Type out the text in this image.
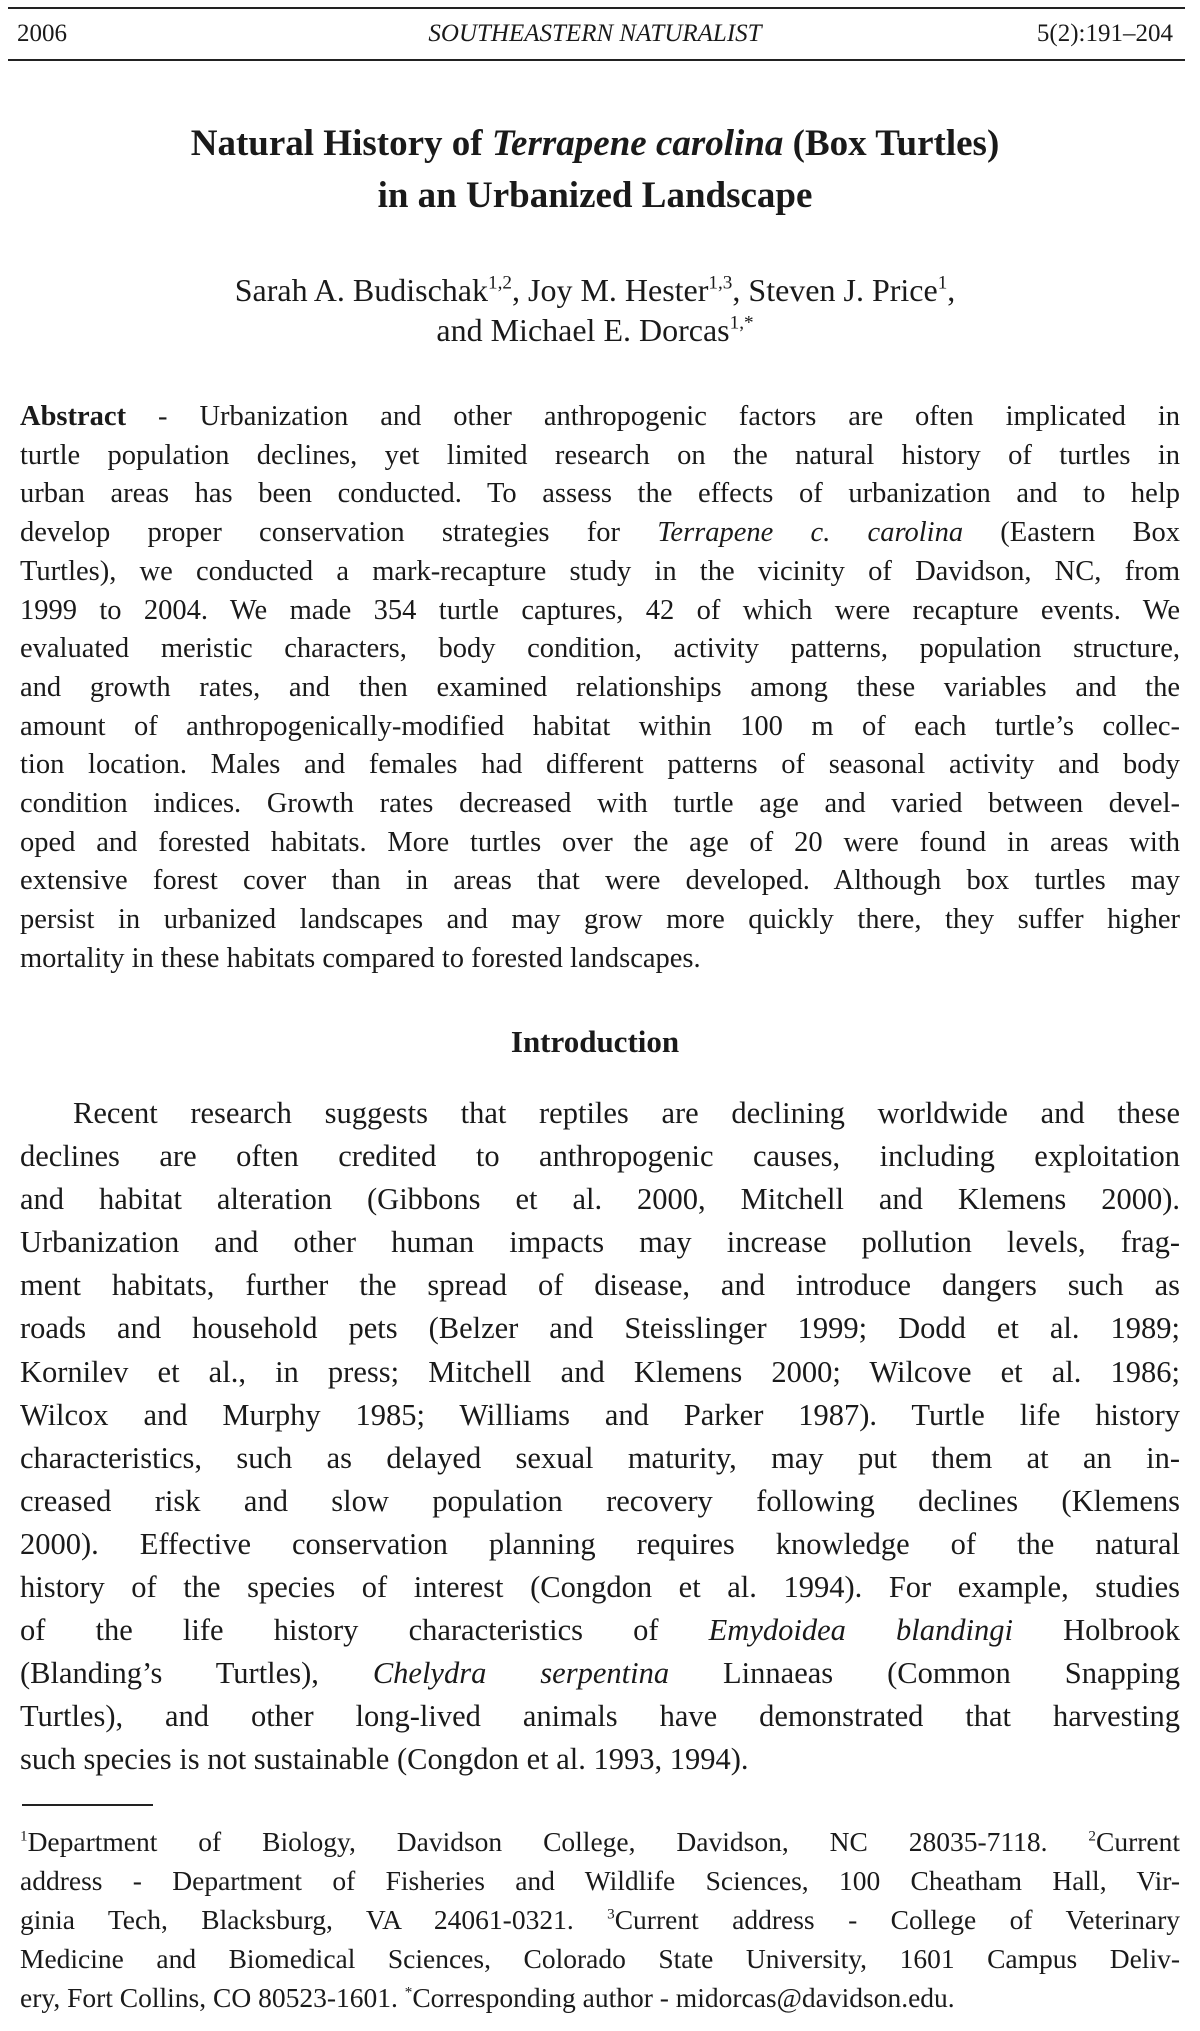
2006	SOUTHEASTERN NATURALIST	5(2):191–204
Natural History of Terrapene carolina (Box Turtles)
in an Urbanized Landscape
Sarah A. Budischak$^{1,2}$, Joy M. Hester$^{1,3}$, Steven J. Price$^1$,
and Michael E. Dorcas$^{1,*}$
Abstract - Urbanization and other anthropogenic factors are often implicated in
turtle population declines, yet limited research on the natural history of turtles in
urban areas has been conducted. To assess the effects of urbanization and to help
develop proper conservation strategies for Terrapene c. carolina (Eastern Box
Turtles), we conducted a mark-recapture study in the vicinity of Davidson, NC, from
1999 to 2004. We made 354 turtle captures, 42 of which were recapture events. We
evaluated meristic characters, body condition, activity patterns, population structure,
and growth rates, and then examined relationships among these variables and the
amount of anthropogenically-modified habitat within 100 m of each turtle’s collec-
tion location. Males and females had different patterns of seasonal activity and body
condition indices. Growth rates decreased with turtle age and varied between devel-
oped and forested habitats. More turtles over the age of 20 were found in areas with
extensive forest cover than in areas that were developed. Although box turtles may
persist in urbanized landscapes and may grow more quickly there, they suffer higher
mortality in these habitats compared to forested landscapes.
Introduction
Recent research suggests that reptiles are declining worldwide and these
declines are often credited to anthropogenic causes, including exploitation
and habitat alteration (Gibbons et al. 2000, Mitchell and Klemens 2000).
Urbanization and other human impacts may increase pollution levels, frag-
ment habitats, further the spread of disease, and introduce dangers such as
roads and household pets (Belzer and Steisslinger 1999; Dodd et al. 1989;
Kornilev et al., in press; Mitchell and Klemens 2000; Wilcove et al. 1986;
Wilcox and Murphy 1985; Williams and Parker 1987). Turtle life history
characteristics, such as delayed sexual maturity, may put them at an in-
creased risk and slow population recovery following declines (Klemens
2000). Effective conservation planning requires knowledge of the natural
history of the species of interest (Congdon et al. 1994). For example, studies
of the life history characteristics of Emydoidea blandingi Holbrook
(Blanding’s Turtles), Chelydra serpentina Linnaeas (Common Snapping
Turtles), and other long-lived animals have demonstrated that harvesting
such species is not sustainable (Congdon et al. 1993, 1994).
$^1$Department of Biology, Davidson College, Davidson, NC 28035-7118. $^2$Current
address - Department of Fisheries and Wildlife Sciences, 100 Cheatham Hall, Vir-
ginia Tech, Blacksburg, VA 24061-0321. $^3$Current address - College of Veterinary
Medicine and Biomedical Sciences, Colorado State University, 1601 Campus Deliv-
ery, Fort Collins, CO 80523-1601. *Corresponding author - midorcas@davidson.edu.
